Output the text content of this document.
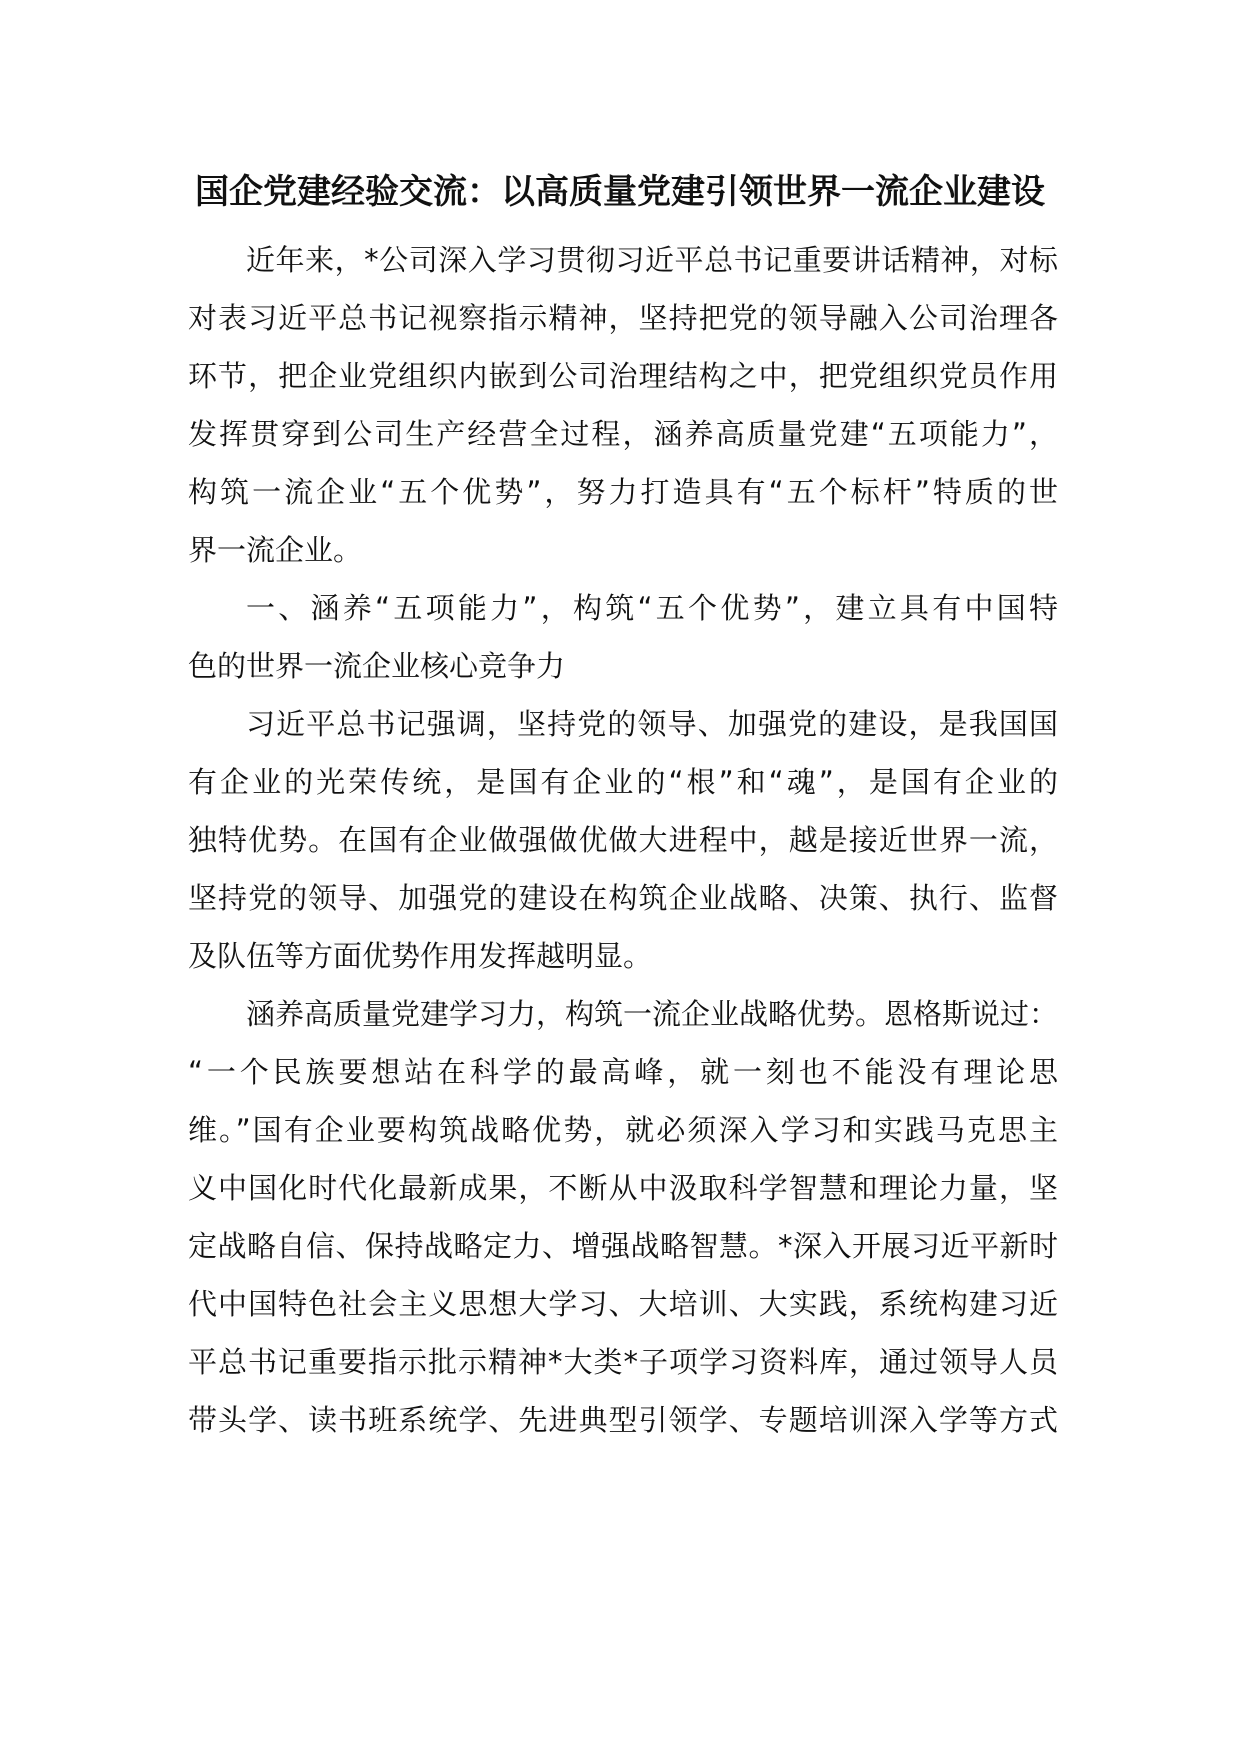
国企党建经验交流：以高质量党建引领世界一流企业建设
近年来，*公司深入学习贯彻习近平总书记重要讲话精神，对标
对表习近平总书记视察指示精神，坚持把党的领导融入公司治理各
环节，把企业党组织内嵌到公司治理结构之中，把党组织党员作用
发挥贯穿到公司生产经营全过程，涵养高质量党建“五项能力”，
构筑一流企业“五个优势”，努力打造具有“五个标杆”特质的世
界一流企业。
一、涵养“五项能力”，构筑“五个优势”，建立具有中国特
色的世界一流企业核心竞争力
习近平总书记强调，坚持党的领导、加强党的建设，是我国国
有企业的光荣传统，是国有企业的“根”和“魂”，是国有企业的
独特优势。在国有企业做强做优做大进程中，越是接近世界一流，
坚持党的领导、加强党的建设在构筑企业战略、决策、执行、监督
及队伍等方面优势作用发挥越明显。
涵养高质量党建学习力，构筑一流企业战略优势。恩格斯说过：
“一个民族要想站在科学的最高峰，就一刻也不能没有理论思
维。”国有企业要构筑战略优势，就必须深入学习和实践马克思主
义中国化时代化最新成果，不断从中汲取科学智慧和理论力量，坚
定战略自信、保持战略定力、增强战略智慧。*深入开展习近平新时
代中国特色社会主义思想大学习、大培训、大实践，系统构建习近
平总书记重要指示批示精神*大类*子项学习资料库，通过领导人员
带头学、读书班系统学、先进典型引领学、专题培训深入学等方式
